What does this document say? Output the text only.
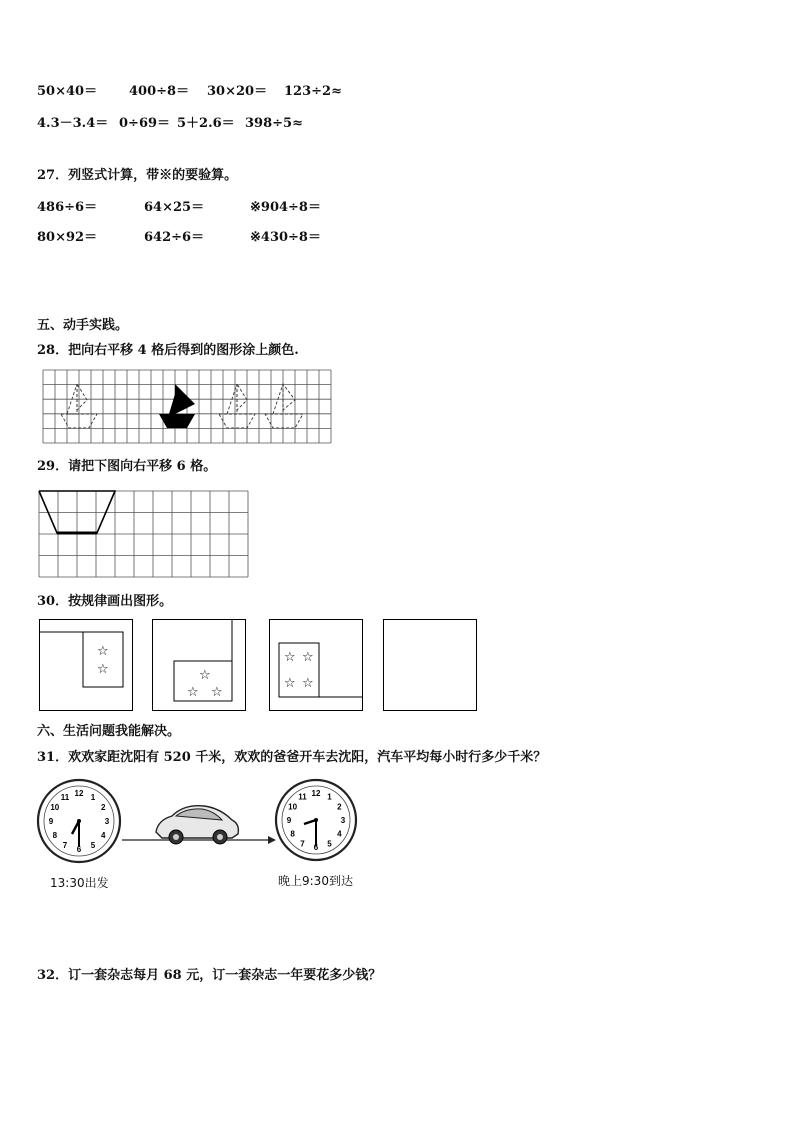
50×40＝ 400÷8＝ 30×20＝ 123÷2≈
4.3－3.4＝ 0÷69＝ 5＋2.6＝ 398÷5≈
27．列竖式计算，带※的要验算。
486÷6＝	64×25＝	※904÷8＝
80×92＝	642÷6＝	※430÷8＝
五、动手实践。
28．把向右平移 4 格后得到的图形涂上颜色.
29．请把下图向右平移 6 格。
30．按规律画出图形。
☆
☆	☆
☆ ☆
☆ ☆
☆ ☆
六、生活问题我能解决。
31．欢欢家距沈阳有 520 千米，欢欢的爸爸开车去沈阳，汽车平均每小时行多少千米？
12 1
2
3
4
5
6
7
8
9
10
11	12 1
2
3
4
5
6
7
8
9
10
11
13:30出发	晚上9:30到达
32．订一套杂志每月 68 元，订一套杂志一年要花多少钱？
